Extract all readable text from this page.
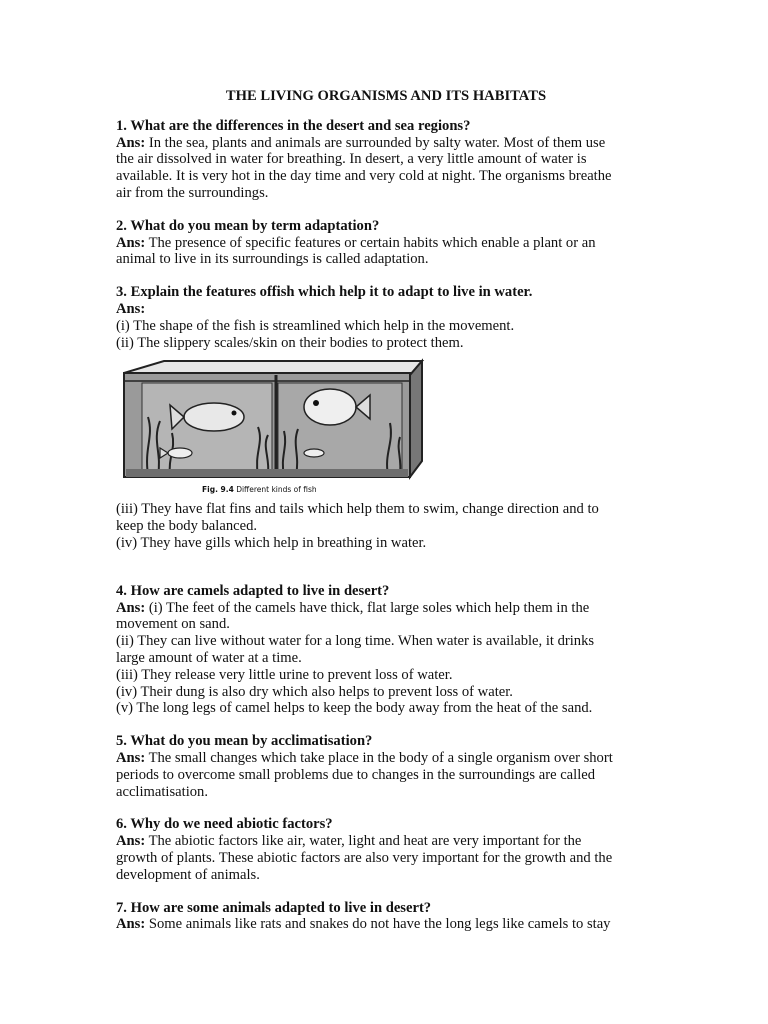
THE LIVING ORGANISMS AND ITS HABITATS

1. What are the differences in the desert and sea regions?

Ans: In the sea, plants and animals are surrounded by salty water. Most of them use

the air dissolved in water for breathing. In desert, a very little amount of water is

available. It is very hot in the day time and very cold at night. The organisms breathe

air from the surroundings.

2. What do you mean by term adaptation?

Ans: The presence of specific features or certain habits which enable a plant or an

animal to live in its surroundings is called adaptation.

3. Explain the features offish which help it to adapt to live in water.

Ans:

(i) The shape of the fish is streamlined which help in the movement.

(ii) The slippery scales/skin on their bodies to protect them.

Fig. 9.4 Different kinds of fish

(iii) They have flat fins and tails which help them to swim, change direction and to

keep the body balanced.

(iv) They have gills which help in breathing in water.

4. How are camels adapted to live in desert?

Ans: (i) The feet of the camels have thick, flat large soles which help them in the

movement on sand.

(ii) They can live without water for a long time. When water is available, it drinks

large amount of water at a time.

(iii) They release very little urine to prevent loss of water.

(iv) Their dung is also dry which also helps to prevent loss of water.

(v) The long legs of camel helps to keep the body away from the heat of the sand.

5. What do you mean by acclimatisation?

Ans: The small changes which take place in the body of a single organism over short

periods to overcome small problems due to changes in the surroundings are called

acclimatisation.

6. Why do we need abiotic factors?

Ans: The abiotic factors like air, water, light and heat are very important for the

growth of plants. These abiotic factors are also very important for the growth and the

development of animals.

7. How are some animals adapted to live in desert?

Ans: Some animals like rats and snakes do not have the long legs like camels to stay
